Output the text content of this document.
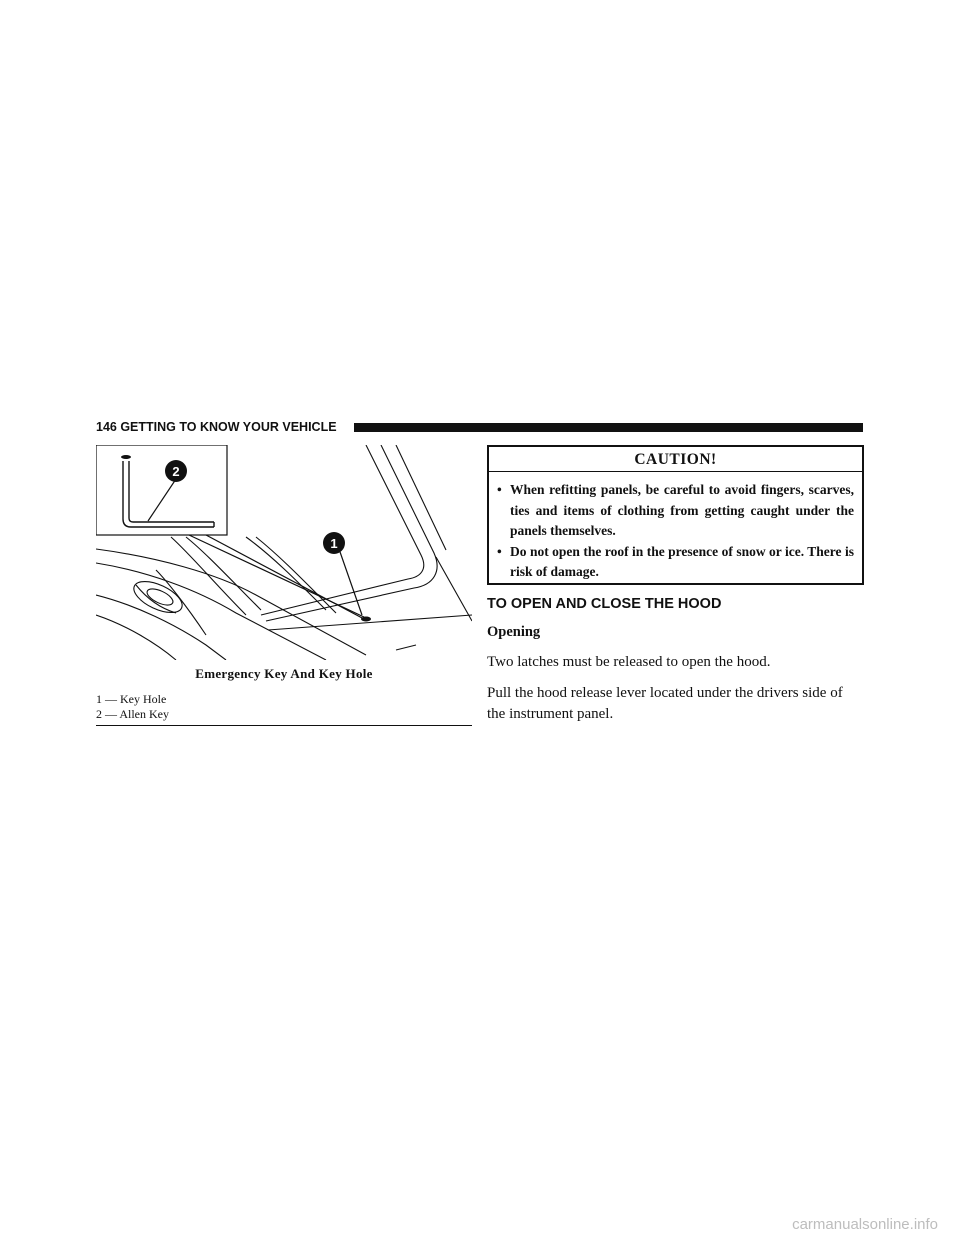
146 GETTING TO KNOW YOUR VEHICLE
2
1
Emergency Key And Key Hole
1 — Key Hole
2 — Allen Key
CAUTION!
• When refitting panels, be careful to avoid fingers, scarves, ties and items of clothing from getting caught under the panels themselves.
• Do not open the roof in the presence of snow or ice. There is risk of damage.
TO OPEN AND CLOSE THE HOOD
Opening
Two latches must be released to open the hood.
Pull the hood release lever located under the drivers side of the instrument panel.
carmanualsonline.info
